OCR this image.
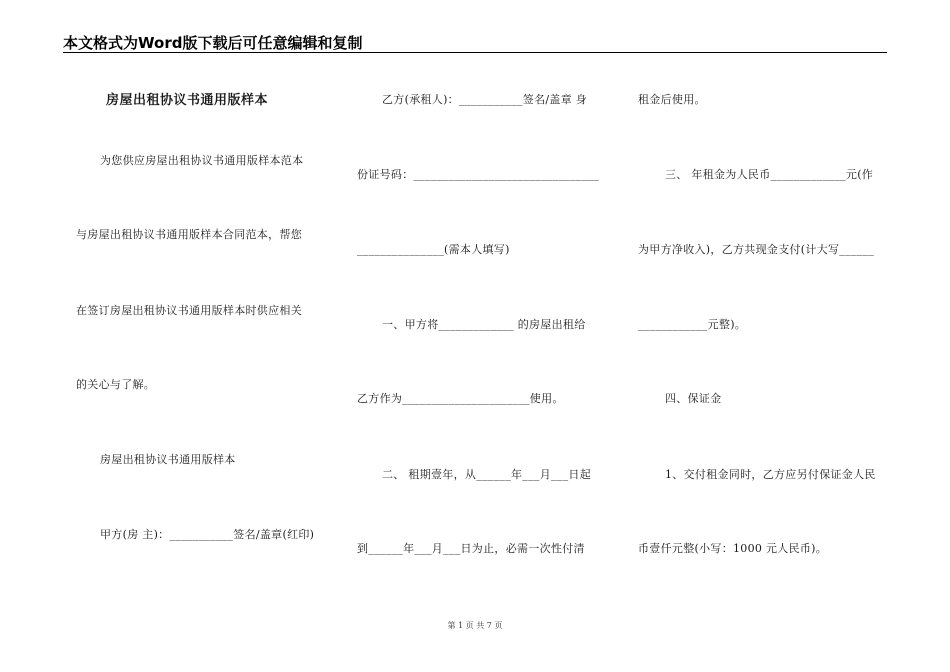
本文格式为Word版下载后可任意编辑和复制
房屋出租协议书通用版样本
为您供应房屋出租协议书通用版样本范本
与房屋出租协议书通用版样本合同范本，帮您
在签订房屋出租协议书通用版样本时供应相关
的关心与了解。
房屋出租协议书通用版样本
甲方(房 主)：___________签名/盖章(红印)
乙方(承租人)：___________签名/盖章 身
份证号码：________________________________
_______________(需本人填写)
一、甲方将_____________ 的房屋出租给
乙方作为______________________使用。
二、 租期壹年，从______年___月___日起
到______年___月___日为止，必需一次性付清
租金后使用。
三、 年租金为人民币_____________元(作
为甲方净收入)，乙方共现金支付(计大写______
____________元整)。
四、保证金
1、交付租金同时，乙方应另付保证金人民
币壹仟元整(小写：1000 元人民币)。
第 1 页 共 7 页
